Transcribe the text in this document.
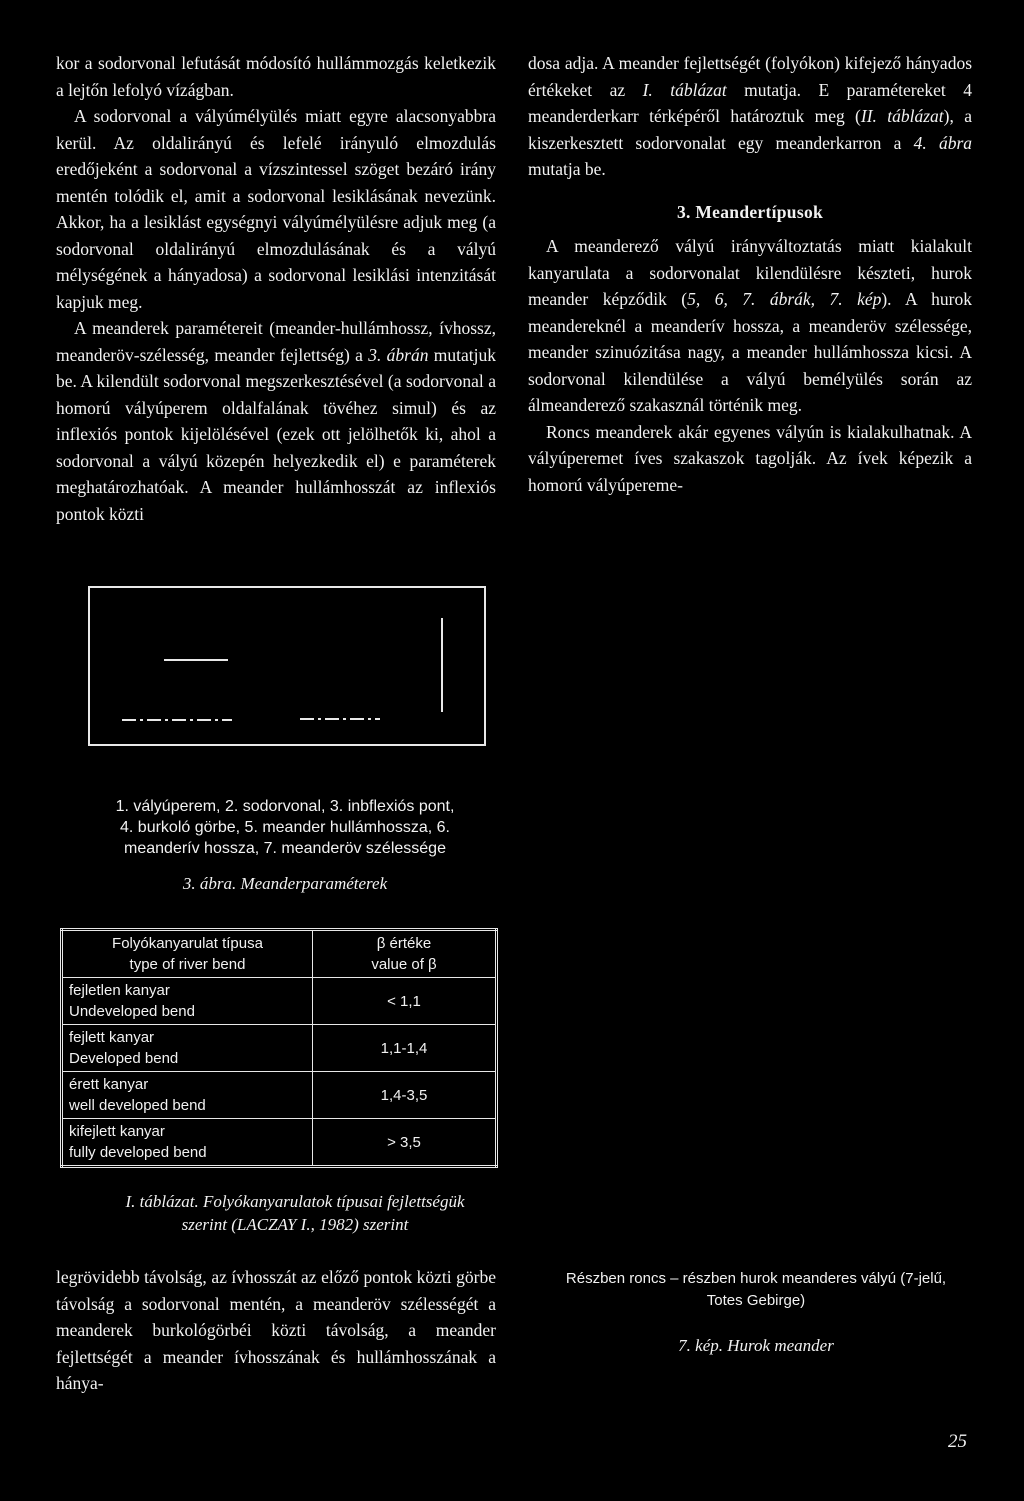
kor a sodorvonal lefutását módosító hullámmozgás keletkezik a lejtőn lefolyó vízágban.

A sodorvonal a vályúmélyülés miatt egyre alacsonyabbra kerül. Az oldalirányú és lefelé irányuló elmozdulás eredőjeként a sodorvonal a vízszintessel szöget bezáró irány mentén tolódik el, amit a sodorvonal lesiklásának nevezünk. Akkor, ha a lesiklást egységnyi vályúmélyülésre adjuk meg (a sodorvonal oldalirányú elmozdulásának és a vályú mélységének a hányadosa) a sodorvonal lesiklási intenzitását kapjuk meg.

A meanderek paramétereit (meander-hullámhossz, ívhossz, meanderöv-szélesség, meander fejlettség) a 3. ábrán mutatjuk be. A kilendült sodorvonal megszerkesztésével (a sodorvonal a homorú vályúperem oldalfalának tövéhez simul) és az inflexiós pontok kijelölésével (ezek ott jelölhetők ki, ahol a sodorvonal a vályú közepén helyezkedik el) e paraméterek meghatározhatóak. A meander hullámhosszát az inflexiós pontok közti

dosa adja. A meander fejlettségét (folyókon) kifejező hányados értékeket az I. táblázat mutatja. E paramétereket 4 meanderderkarr térképéről határoztuk meg (II. táblázat), a kiszerkesztett sodorvonalat egy meanderkarron a 4. ábra mutatja be.

3. Meandertípusok

A meanderező vályú irányváltoztatás miatt kialakult kanyarulata a sodorvonalat kilendülésre készteti, hurok meander képződik (5, 6, 7. ábrák, 7. kép). A hurok meandereknél a meanderív hossza, a meanderöv szélessége, meander szinuózitása nagy, a meander hullámhossza kicsi. A sodorvonal kilendülése a vályú bemélyülés során az álmeanderező szakasznál történik meg.

Roncs meanderek akár egyenes vályún is kialakulhatnak. A vályúperemet íves szakaszok tagolják. Az ívek képezik a homorú vályúpereme-

1. vályúperem, 2. sodorvonal, 3. inbflexiós pont,

4. burkoló görbe, 5. meander hullámhossza, 6.

meanderív hossza, 7. meanderöv szélessége

3. ábra. Meanderparaméterek
Folyókanyarulat típusa
type of river bend	β értéke
value of β
fejletlen kanyar
Undeveloped bend	< 1,1
fejlett kanyar
Developed bend	1,1-1,4
érett kanyar
well developed bend	1,4-3,5
kifejlett kanyar
fully developed bend	> 3,5

I. táblázat. Folyókanyarulatok típusai fejlettségük

szerint (LACZAY I., 1982) szerint

legrövidebb távolság, az ívhosszát az előző pontok közti görbe távolság a sodorvonal mentén, a meanderöv szélességét a meanderek burkológörbéi közti távolság, a meander fejlettségét a meander ívhosszának és hullámhosszának a hánya-

Részben roncs – részben hurok meanderes vályú (7-jelű,

Totes Gebirge)

7. kép. Hurok meander
25
